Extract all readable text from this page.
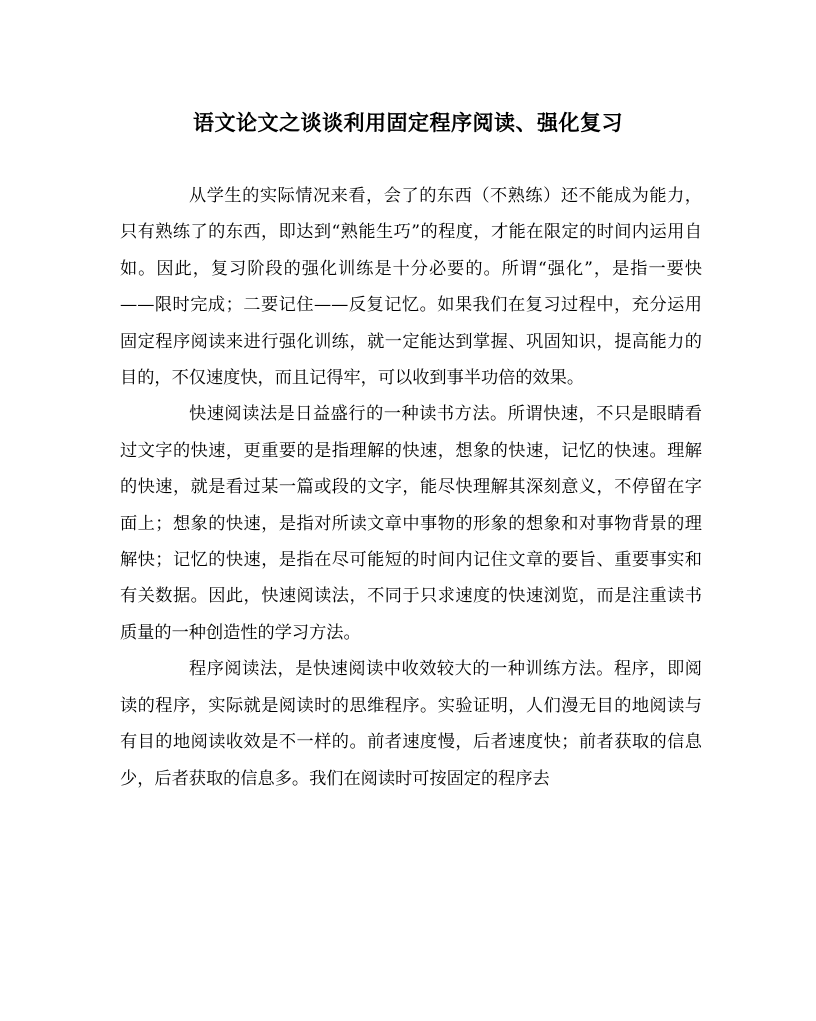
语文论文之谈谈利用固定程序阅读、强化复习

从学生的实际情况来看，会了的东西（不熟练）还不能成为能力，只有熟练了的东西，即达到“熟能生巧”的程度，才能在限定的时间内运用自如。因此，复习阶段的强化训练是十分必要的。所谓“强化”，是指一要快——限时完成；二要记住——反复记忆。如果我们在复习过程中，充分运用固定程序阅读来进行强化训练，就一定能达到掌握、巩固知识，提高能力的目的，不仅速度快，而且记得牢，可以收到事半功倍的效果。

快速阅读法是日益盛行的一种读书方法。所谓快速，不只是眼睛看过文字的快速，更重要的是指理解的快速，想象的快速，记忆的快速。理解的快速，就是看过某一篇或段的文字，能尽快理解其深刻意义，不停留在字面上；想象的快速，是指对所读文章中事物的形象的想象和对事物背景的理解快；记忆的快速，是指在尽可能短的时间内记住文章的要旨、重要事实和有关数据。因此，快速阅读法，不同于只求速度的快速浏览，而是注重读书质量的一种创造性的学习方法。

程序阅读法，是快速阅读中收效较大的一种训练方法。程序，即阅读的程序，实际就是阅读时的思维程序。实验证明，人们漫无目的地阅读与有目的地阅读收效是不一样的。前者速度慢，后者速度快；前者获取的信息少，后者获取的信息多。我们在阅读时可按固定的程序去
